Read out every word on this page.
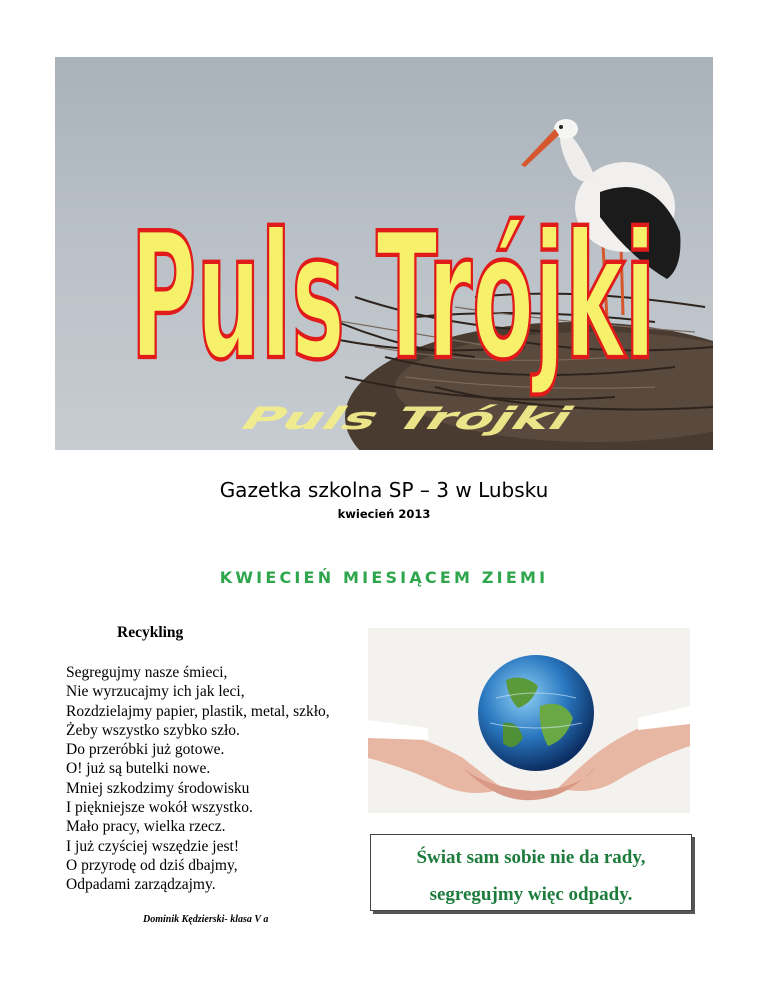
Puls Trójki
Puls Trójki
Gazetka szkolna SP – 3 w Lubsku
kwiecień 2013
KWIECIEŃ MIESIĄCEM ZIEMI
Recykling
Segregujmy nasze śmieci,
Nie wyrzucajmy ich jak leci,
Rozdzielajmy papier, plastik, metal, szkło,
Żeby wszystko szybko szło.
Do przeróbki już gotowe.
O! już są butelki nowe.
Mniej szkodzimy środowisku
I piękniejsze wokół wszystko.
Mało pracy, wielka rzecz.
I już czyściej wszędzie jest!
O przyrodę od dziś dbajmy,
Odpadami zarządzajmy.
Dominik Kędzierski- klasa V a
Świat sam sobie nie da rady,
segregujmy więc odpady.
